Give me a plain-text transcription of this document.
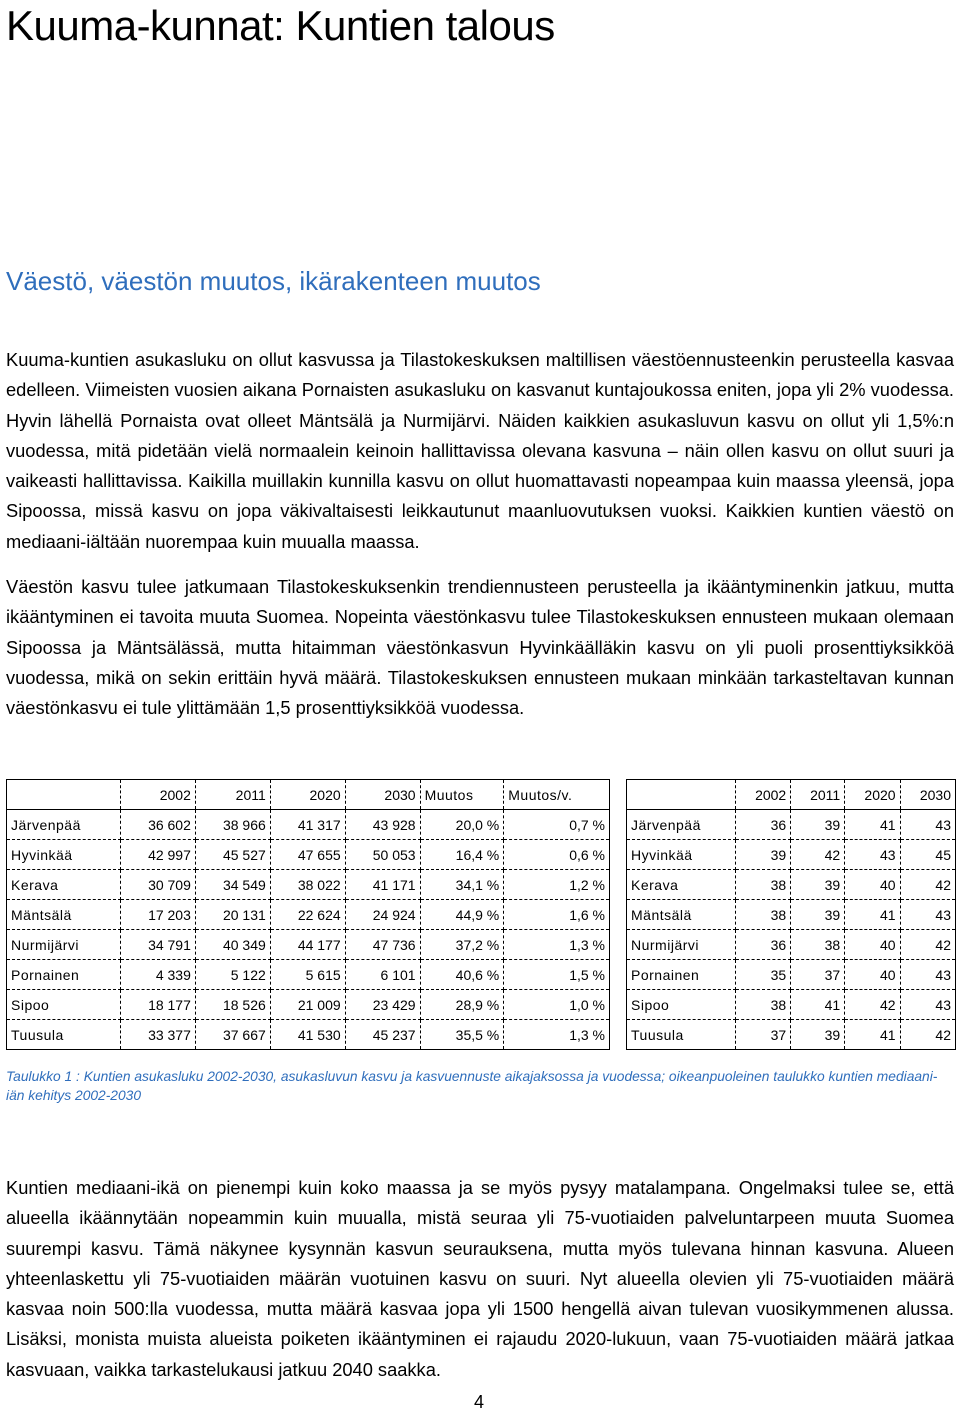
Kuuma-kunnat: Kuntien talous
Väestö, väestön muutos, ikärakenteen muutos

Kuuma-kuntien asukasluku on ollut kasvussa ja Tilastokeskuksen maltillisen väestöennusteenkin perusteella kasvaa edelleen. Viimeisten vuosien aikana Pornaisten asukasluku on kasvanut kuntajoukossa eniten, jopa yli 2% vuodessa. Hyvin lähellä Pornaista ovat olleet Mäntsälä ja Nurmijärvi. Näiden kaikkien asukasluvun kasvu on ollut yli 1,5%:n vuodessa, mitä pidetään vielä normaalein keinoin hallittavissa olevana kasvuna – näin ollen kasvu on ollut suuri ja vaikeasti hallittavissa. Kaikilla muillakin kunnilla kasvu on ollut huomattavasti nopeampaa kuin maassa yleensä, jopa Sipoossa, missä kasvu on jopa väkivaltaisesti leikkautunut maanluovutuksen vuoksi. Kaikkien kuntien väestö on mediaani-iältään nuorempaa kuin muualla maassa.

Väestön kasvu tulee jatkumaan Tilastokeskuksenkin trendiennusteen perusteella ja ikääntyminenkin jatkuu, mutta ikääntyminen ei tavoita muuta Suomea. Nopeinta väestönkasvu tulee Tilastokeskuksen ennusteen mukaan olemaan Sipoossa ja Mäntsälässä, mutta hitaimman väestönkasvun Hyvinkäälläkin kasvu on yli puoli prosenttiyksikköä vuodessa, mikä on sekin erittäin hyvä määrä. Tilastokeskuksen ennusteen mukaan minkään tarkasteltavan kunnan väestönkasvu ei tule ylittämään 1,5 prosenttiyksikköä vuodessa.

	2002	2011	2020	2030	Muutos	Muutos/v.
Järvenpää	36 602	38 966	41 317	43 928	20,0 %	0,7 %
Hyvinkää	42 997	45 527	47 655	50 053	16,4 %	0,6 %
Kerava	30 709	34 549	38 022	41 171	34,1 %	1,2 %
Mäntsälä	17 203	20 131	22 624	24 924	44,9 %	1,6 %
Nurmijärvi	34 791	40 349	44 177	47 736	37,2 %	1,3 %
Pornainen	4 339	5 122	5 615	6 101	40,6 %	1,5 %
Sipoo	18 177	18 526	21 009	23 429	28,9 %	1,0 %
Tuusula	33 377	37 667	41 530	45 237	35,5 %	1,3 %
	2002	2011	2020	2030
Järvenpää	36	39	41	43
Hyvinkää	39	42	43	45
Kerava	38	39	40	42
Mäntsälä	38	39	41	43
Nurmijärvi	36	38	40	42
Pornainen	35	37	40	43
Sipoo	38	41	42	43
Tuusula	37	39	41	42

Taulukko 1 : Kuntien asukasluku 2002-2030, asukasluvun kasvu ja kasvuennuste aikajaksossa ja vuodessa; oikeanpuoleinen taulukko kuntien mediaani-iän kehitys 2002-2030

Kuntien mediaani-ikä on pienempi kuin koko maassa ja se myös pysyy matalampana. Ongelmaksi tulee se, että alueella ikäännytään nopeammin kuin muualla, mistä seuraa yli 75-vuotiaiden palveluntarpeen muuta Suomea suurempi kasvu. Tämä näkynee kysynnän kasvun seurauksena, mutta myös tulevana hinnan kasvuna. Alueen yhteenlaskettu yli 75-vuotiaiden määrän vuotuinen kasvu on suuri. Nyt alueella olevien yli 75-vuotiaiden määrä kasvaa noin 500:lla vuodessa, mutta määrä kasvaa jopa yli 1500 hengellä aivan tulevan vuosikymmenen alussa. Lisäksi, monista muista alueista poiketen ikääntyminen ei rajaudu 2020-lukuun, vaan 75-vuotiaiden määrä jatkaa kasvuaan, vaikka tarkastelukausi jatkuu 2040 saakka.

4
